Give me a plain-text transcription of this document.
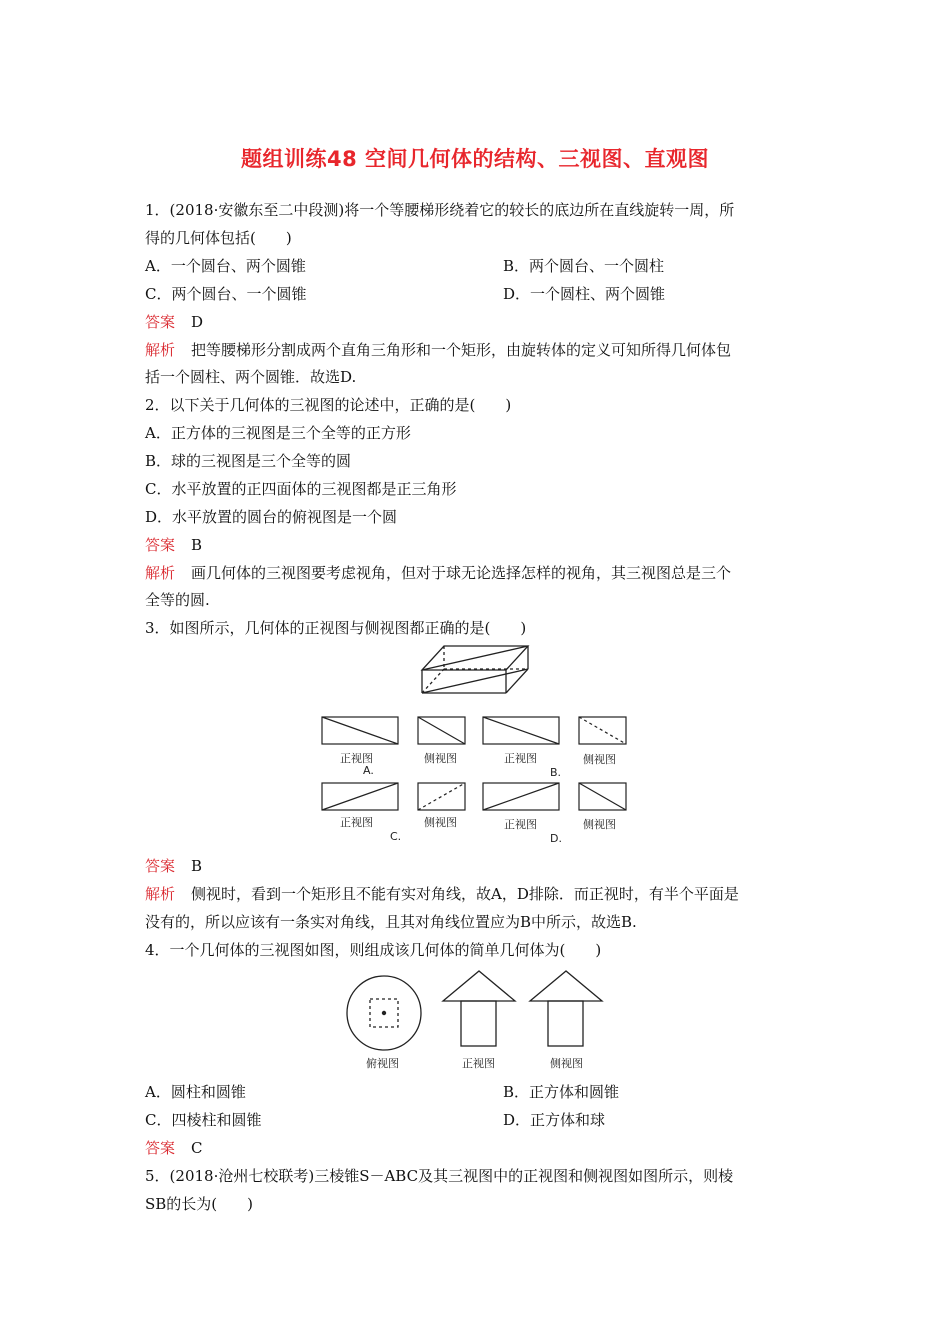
题组训练48 空间几何体的结构、三视图、直观图
1．(2018·安徽东至二中段测)将一个等腰梯形绕着它的较长的底边所在直线旋转一周，所
得的几何体包括(　　)
A．一个圆台、两个圆锥	B．两个圆台、一个圆柱
C．两个圆台、一个圆锥	D．一个圆柱、两个圆锥
答案 D
解析 把等腰梯形分割成两个直角三角形和一个矩形，由旋转体的定义可知所得几何体包
括一个圆柱、两个圆锥．故选D.
2．以下关于几何体的三视图的论述中，正确的是(　　)
A．正方体的三视图是三个全等的正方形
B．球的三视图是三个全等的圆
C．水平放置的正四面体的三视图都是正三角形
D．水平放置的圆台的俯视图是一个圆
答案 B
解析 画几何体的三视图要考虑视角，但对于球无论选择怎样的视角，其三视图总是三个
全等的圆.
3．如图所示，几何体的正视图与侧视图都正确的是(　　)
正视图	侧视图
A.
正视图	侧视图
B.
正视图	侧视图
C.
正视图	侧视图
D.
答案 B
解析 侧视时，看到一个矩形且不能有实对角线，故A，D排除．而正视时，有半个平面是
没有的，所以应该有一条实对角线，且其对角线位置应为B中所示，故选B.
4．一个几何体的三视图如图，则组成该几何体的简单几何体为(　　)
俯视图	正视图	侧视图
A．圆柱和圆锥	B．正方体和圆锥
C．四棱柱和圆锥	D．正方体和球
答案 C
5．(2018·沧州七校联考)三棱锥S－ABC及其三视图中的正视图和侧视图如图所示，则棱
SB的长为(　　)
